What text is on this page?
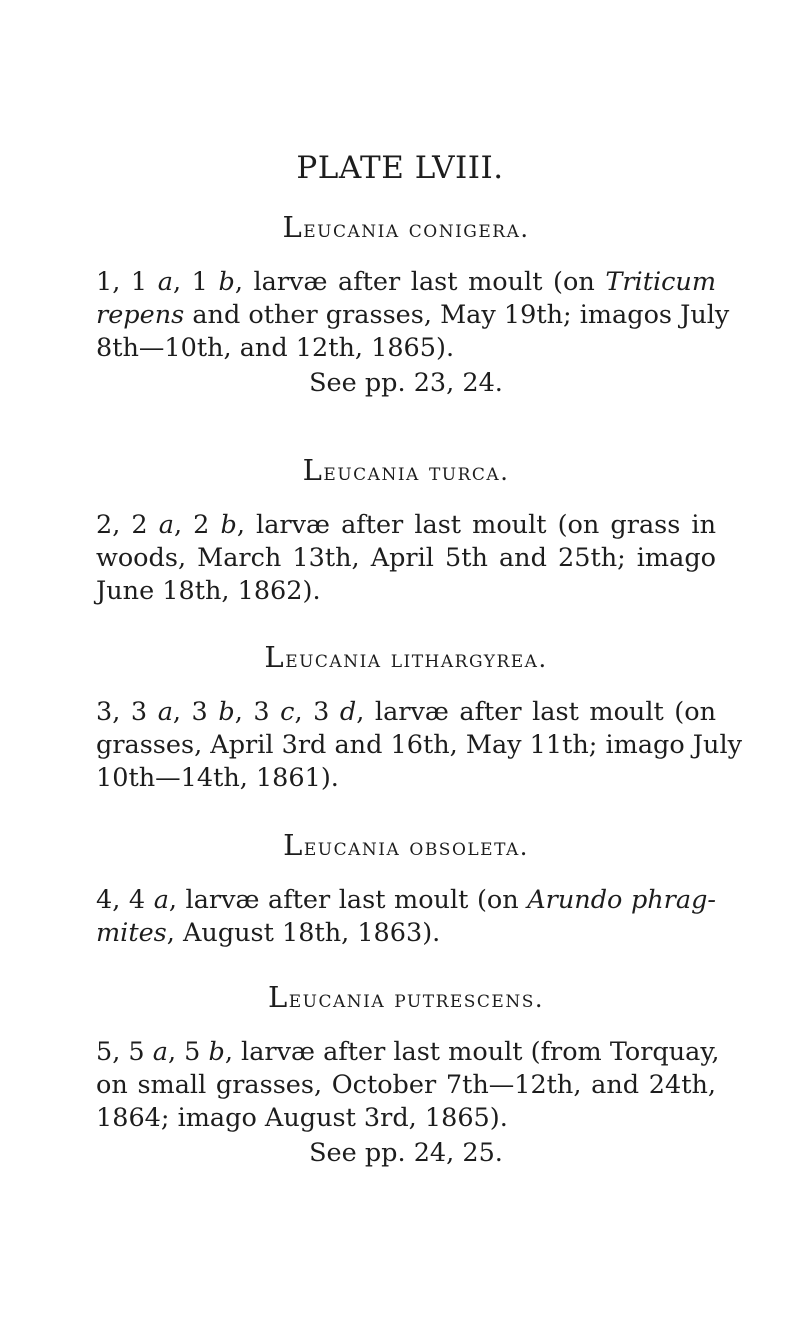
PLATE LVIII.
Leucania conigera.

1, 1 a, 1 b, larvæ after last moult (on Triticum
repens and other grasses, May 19th; imagos July
8th—10th, and 12th, 1865).

See pp. 23, 24.
Leucania turca.

2, 2 a, 2 b, larvæ after last moult (on grass in
woods, March 13th, April 5th and 25th; imago
June 18th, 1862).

Leucania lithargyrea.

3, 3 a, 3 b, 3 c, 3 d, larvæ after last moult (on
grasses, April 3rd and 16th, May 11th; imago July
10th—14th, 1861).

Leucania obsoleta.

4, 4 a, larvæ after last moult (on Arundo phrag-
mites, August 18th, 1863).

Leucania putrescens.

5, 5 a, 5 b, larvæ after last moult (from Torquay,
on small grasses, October 7th—12th, and 24th,
1864; imago August 3rd, 1865).

See pp. 24, 25.
